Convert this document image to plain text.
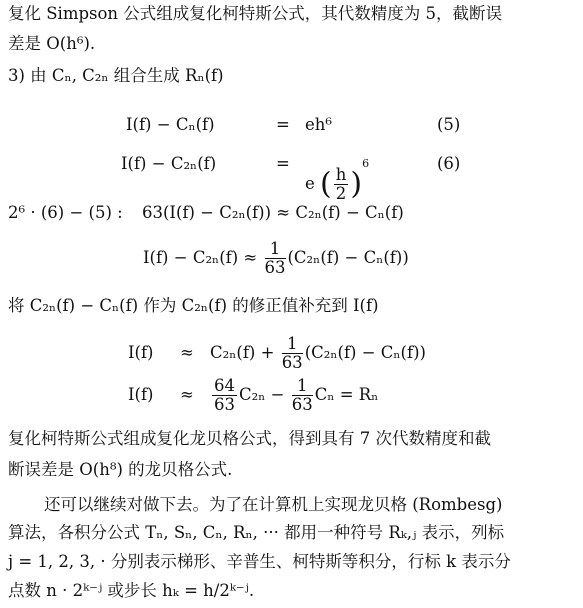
复化 Simpson 公式组成复化柯特斯公式，其代数精度为 5，截断误
差是 O(h⁶).
3) 由 Cₙ, C₂ₙ 组合生成 Rₙ(f)
I(f) − Cₙ(f)	= eh⁶	(5)
I(f) − C₂ₙ(f)	=
e ( $\frac{h}{2} )^6$	(6)
2⁶ · (6) − (5) : 63(I(f) − C₂ₙ(f)) ≈ C₂ₙ(f) − Cₙ(f)
$I(f) - C_{2n}(f) \approx \frac{1}{63} (C_{2n}(f) - C_n(f))$
将 C₂ₙ(f) − Cₙ(f) 作为 C₂ₙ(f) 的修正值补充到 I(f)
$I(f) \approx C_{2n}(f) + \frac{1}{63} (C_{2n}(f) - C_n(f))$
$I(f) \approx \frac{64}{63} C_{2n} - \frac{1}{63}$ Cₙ = Rₙ
复化柯特斯公式组成复化龙贝格公式，得到具有 7 次代数精度和截
断误差是 O(h⁸) 的龙贝格公式.
还可以继续对做下去。为了在计算机上实现龙贝格 (Rombesg)
算法，各积分公式 Tₙ, Sₙ, Cₙ, Rₙ, ··· 都用一种符号 Rₖ,ⱼ 表示，列标
j = 1, 2, 3, · 分别表示梯形、辛普生、柯特斯等积分，行标 k 表示分
点数 n · 2ᵏ⁻ʲ 或步长 hₖ = h/2ᵏ⁻ʲ.
